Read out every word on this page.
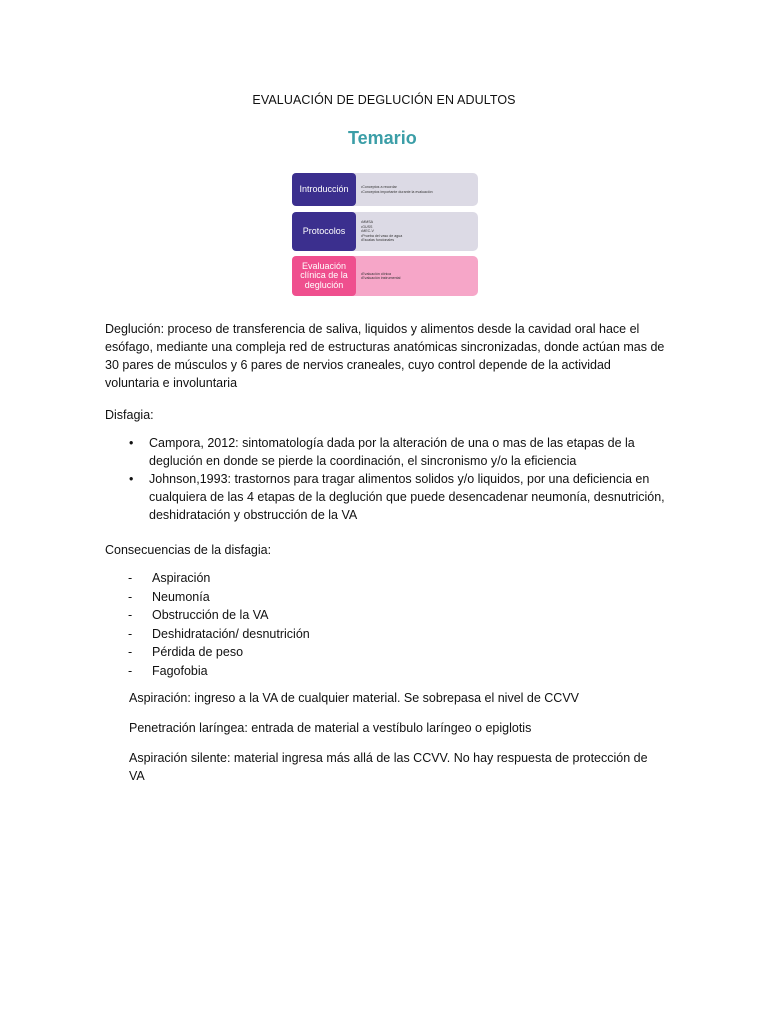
EVALUACIÓN DE DEGLUCIÓN EN ADULTOS
Temario
Introducción
•	Conceptos a recordar
• Conceptos importante durante la evaluación
Protocolos
• MMSA
• GUSS
• MEC-V
• Prueba del vaso de agua
• Escalas funcionales
Evaluación clínica de la deglución
• Evaluación clínica
• Evaluación instrumental
Deglución: proceso de transferencia de saliva, liquidos y alimentos desde la cavidad oral hace el esófago, mediante una compleja red de estructuras anatómicas sincronizadas, donde actúan mas de 30 pares de músculos y 6 pares de nervios craneales, cuyo control depende de la actividad voluntaria e involuntaria
Disfagia:
• Campora, 2012: sintomatología dada por la alteración de una o mas de las etapas de la deglución en donde se pierde la coordinación, el sincronismo y/o la eficiencia
• Johnson,1993: trastornos para tragar alimentos solidos y/o liquidos, por una deficiencia en cualquiera de las 4 etapas de la deglución que puede desencadenar neumonía, desnutrición, deshidratación y obstrucción de la VA
Consecuencias de la disfagia:
- Aspiración
- Neumonía
- Obstrucción de la VA
- Deshidratación/ desnutrición
- Pérdida de peso
- Fagofobia
Aspiración: ingreso a la VA de cualquier material. Se sobrepasa el nivel de CCVV
Penetración laríngea: entrada de material a vestíbulo laríngeo o epiglotis
Aspiración silente: material ingresa más allá de las CCVV. No hay respuesta de protección de VA
